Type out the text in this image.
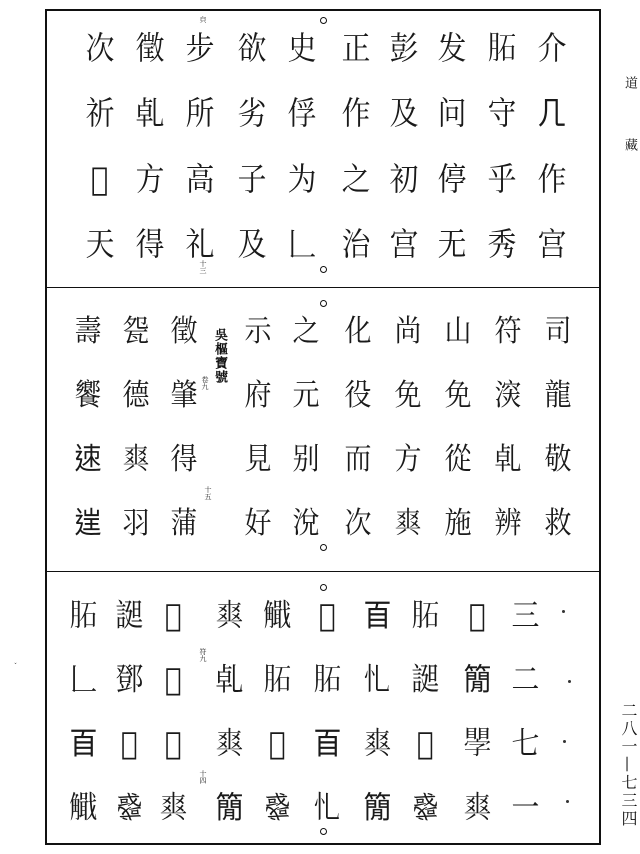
道
藏
二八一—七三四
ˇ
㒵
十三
次
祈
𤼵
天
徵
𠃵
方
得
步
所
高
礼
欲
劣
子
及
史
俘
为
𠃊
正
作
之
治
彭
及
初
宫
发
问
停
无
𦚈
守
乎
秀
介
𠘧
作
宫
吳樞寶號
卷九
十五
壽
饗
𨒪
𨓏
㼝
德
𤕤
羽
徵
肇
得
蒲
示
府
見
好
之
元
别
涗
化
役
而
次
尚
免
方
𤕤
山
免
從
施
符
㴱
𠃵
辨
司
龍
敬
救
符九
十四
𦚈
𠃊
𦣻
𧥄
𧩙
鄧
𣏮
𢨋
𣏮
𦒳
𤼵
𤕤
𤕤
𠃵
𤕤
𥳑
𧥄
𦚈
𦒳
𢨋
𤼵
𦚈
𦣻
𢖪
𦣻
𢖪
𤕤
𥳑
𦚈
𧩙
𤼵
𢨋
𦒳
𥳑
𥊐
𤕤
三
二
七
一
